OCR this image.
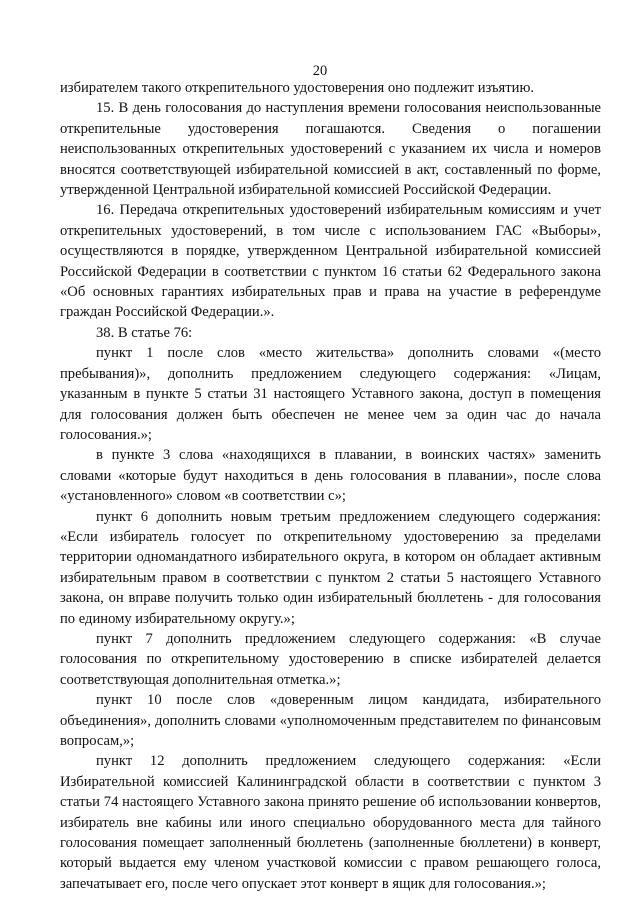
20

избирателем такого открепительного удостоверения оно подлежит изъятию.

15. В день голосования до наступления времени голосования неиспользованные открепительные удостоверения погашаются. Сведения о погашении неиспользованных открепительных удостоверений с указанием их числа и номеров вносятся соответствующей избирательной комиссией в акт, составленный по форме, утвержденной Центральной избирательной комиссией Российской Федерации.

16. Передача открепительных удостоверений избирательным комиссиям и учет открепительных удостоверений, в том числе с использованием ГАС «Выборы», осуществляются в порядке, утвержденном Центральной избирательной комиссией Российской Федерации в соответствии с пунктом 16 статьи 62 Федерального закона «Об основных гарантиях избирательных прав и права на участие в референдуме граждан Российской Федерации.».

38. В статье 76:

пункт 1 после слов «место жительства» дополнить словами «(место пребывания)», дополнить предложением следующего содержания: «Лицам, указанным в пункте 5 статьи 31 настоящего Уставного закона, доступ в помещения для голосования должен быть обеспечен не менее чем за один час до начала голосования.»;

в пункте 3 слова «находящихся в плавании, в воинских частях» заменить словами «которые будут находиться в день голосования в плавании», после слова «установленного» словом «в соответствии с»;

пункт 6 дополнить новым третьим предложением следующего содержания: «Если избиратель голосует по открепительному удостоверению за пределами территории одномандатного избирательного округа, в котором он обладает активным избирательным правом в соответствии с пунктом 2 статьи 5 настоящего Уставного закона, он вправе получить только один избирательный бюллетень - для голосования по единому избирательному округу.»;

пункт 7 дополнить предложением следующего содержания: «В случае голосования по открепительному удостоверению в списке избирателей делается соответствующая дополнительная отметка.»;

пункт 10 после слов «доверенным лицом кандидата, избирательного объединения», дополнить словами «уполномоченным представителем по финансовым вопросам,»;

пункт 12 дополнить предложением следующего содержания: «Если Избирательной комиссией Калининградской области в соответствии с пунктом 3 статьи 74 настоящего Уставного закона принято решение об использовании конвертов, избиратель вне кабины или иного специально оборудованного места для тайного голосования помещает заполненный бюллетень (заполненные бюллетени) в конверт, который выдается ему членом участковой комиссии с правом решающего голоса, запечатывает его, после чего опускает этот конверт в ящик для голосования.»;
